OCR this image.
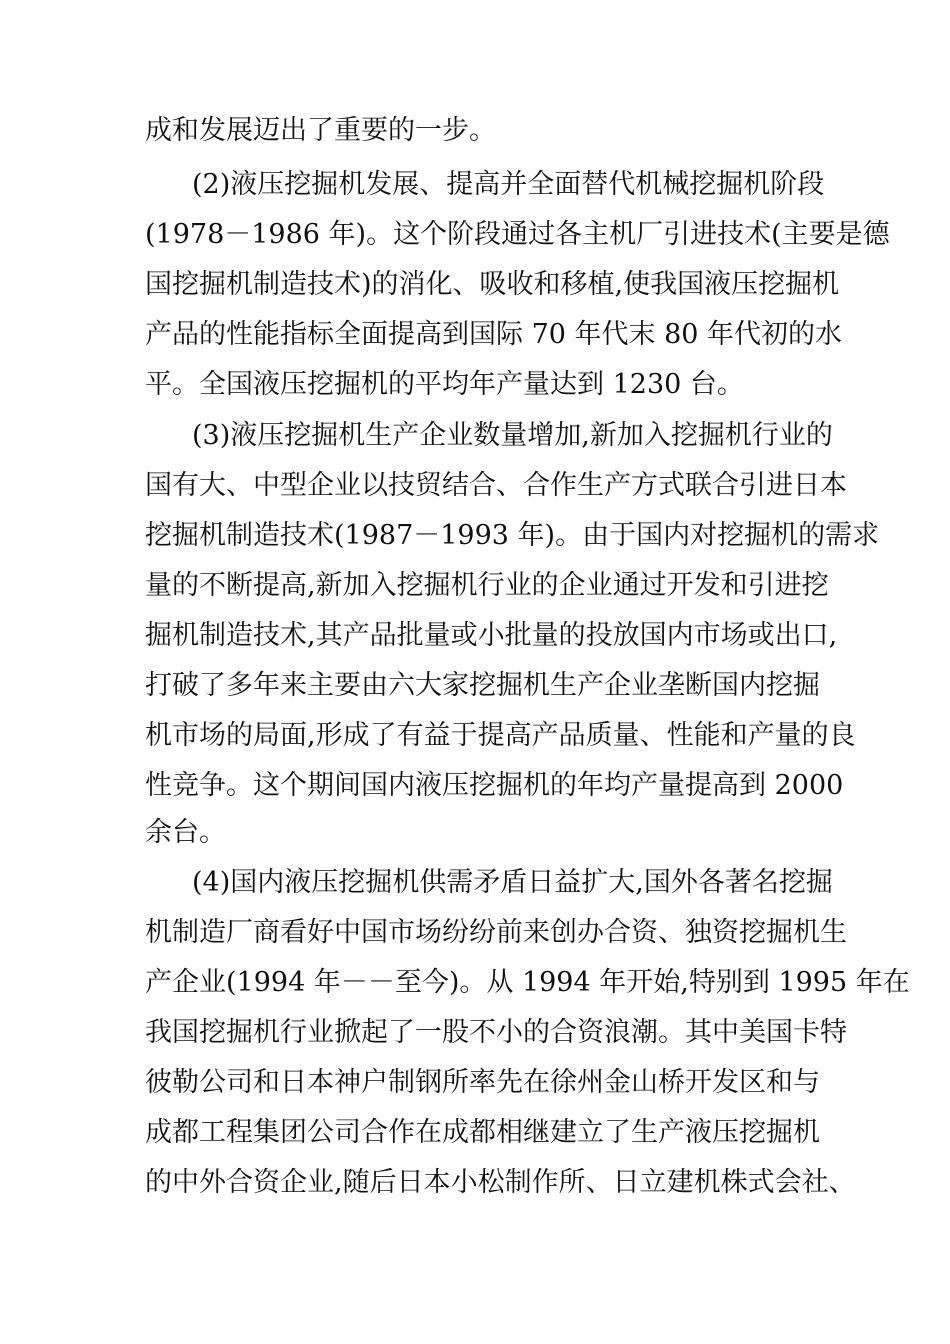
成和发展迈出了重要的一步。
(2)液压挖掘机发展、提高并全面替代机械挖掘机阶段
(1978－1986 年)。这个阶段通过各主机厂引进技术(主要是德
国挖掘机制造技术)的消化、吸收和移植,使我国液压挖掘机
产品的性能指标全面提高到国际 70 年代末 80 年代初的水
平。全国液压挖掘机的平均年产量达到 1230 台。
(3)液压挖掘机生产企业数量增加,新加入挖掘机行业的
国有大、中型企业以技贸结合、合作生产方式联合引进日本
挖掘机制造技术(1987－1993 年)。由于国内对挖掘机的需求
量的不断提高,新加入挖掘机行业的企业通过开发和引进挖
掘机制造技术,其产品批量或小批量的投放国内市场或出口,
打破了多年来主要由六大家挖掘机生产企业垄断国内挖掘
机市场的局面,形成了有益于提高产品质量、性能和产量的良
性竞争。这个期间国内液压挖掘机的年均产量提高到 2000
余台。
(4)国内液压挖掘机供需矛盾日益扩大,国外各著名挖掘
机制造厂商看好中国市场纷纷前来创办合资、独资挖掘机生
产企业(1994 年－－至今)。从 1994 年开始,特别到 1995 年在
我国挖掘机行业掀起了一股不小的合资浪潮。其中美国卡特
彼勒公司和日本神户制钢所率先在徐州金山桥开发区和与
成都工程集团公司合作在成都相继建立了生产液压挖掘机
的中外合资企业,随后日本小松制作所、日立建机株式会社、
